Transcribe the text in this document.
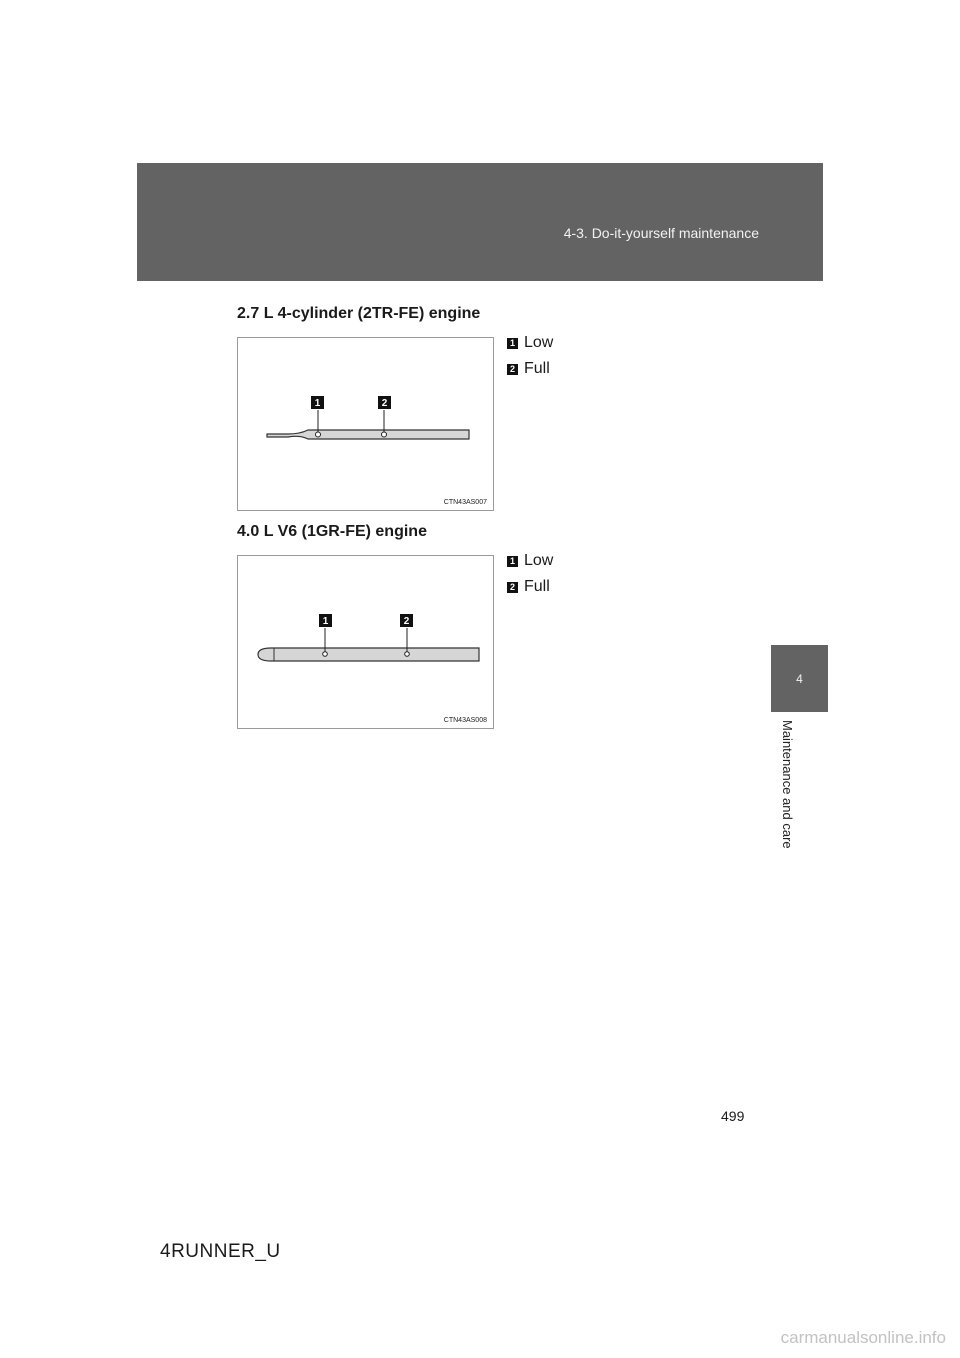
4-3. Do-it-yourself maintenance
4
Maintenance and care
2.7 L 4-cylinder (2TR-FE) engine
1	2
CTN43AS007
1 Low
2 Full
4.0 L V6 (1GR-FE) engine
1	2
CTN43AS008
1 Low
2 Full
499
4RUNNER_U
carmanualsonline.info
